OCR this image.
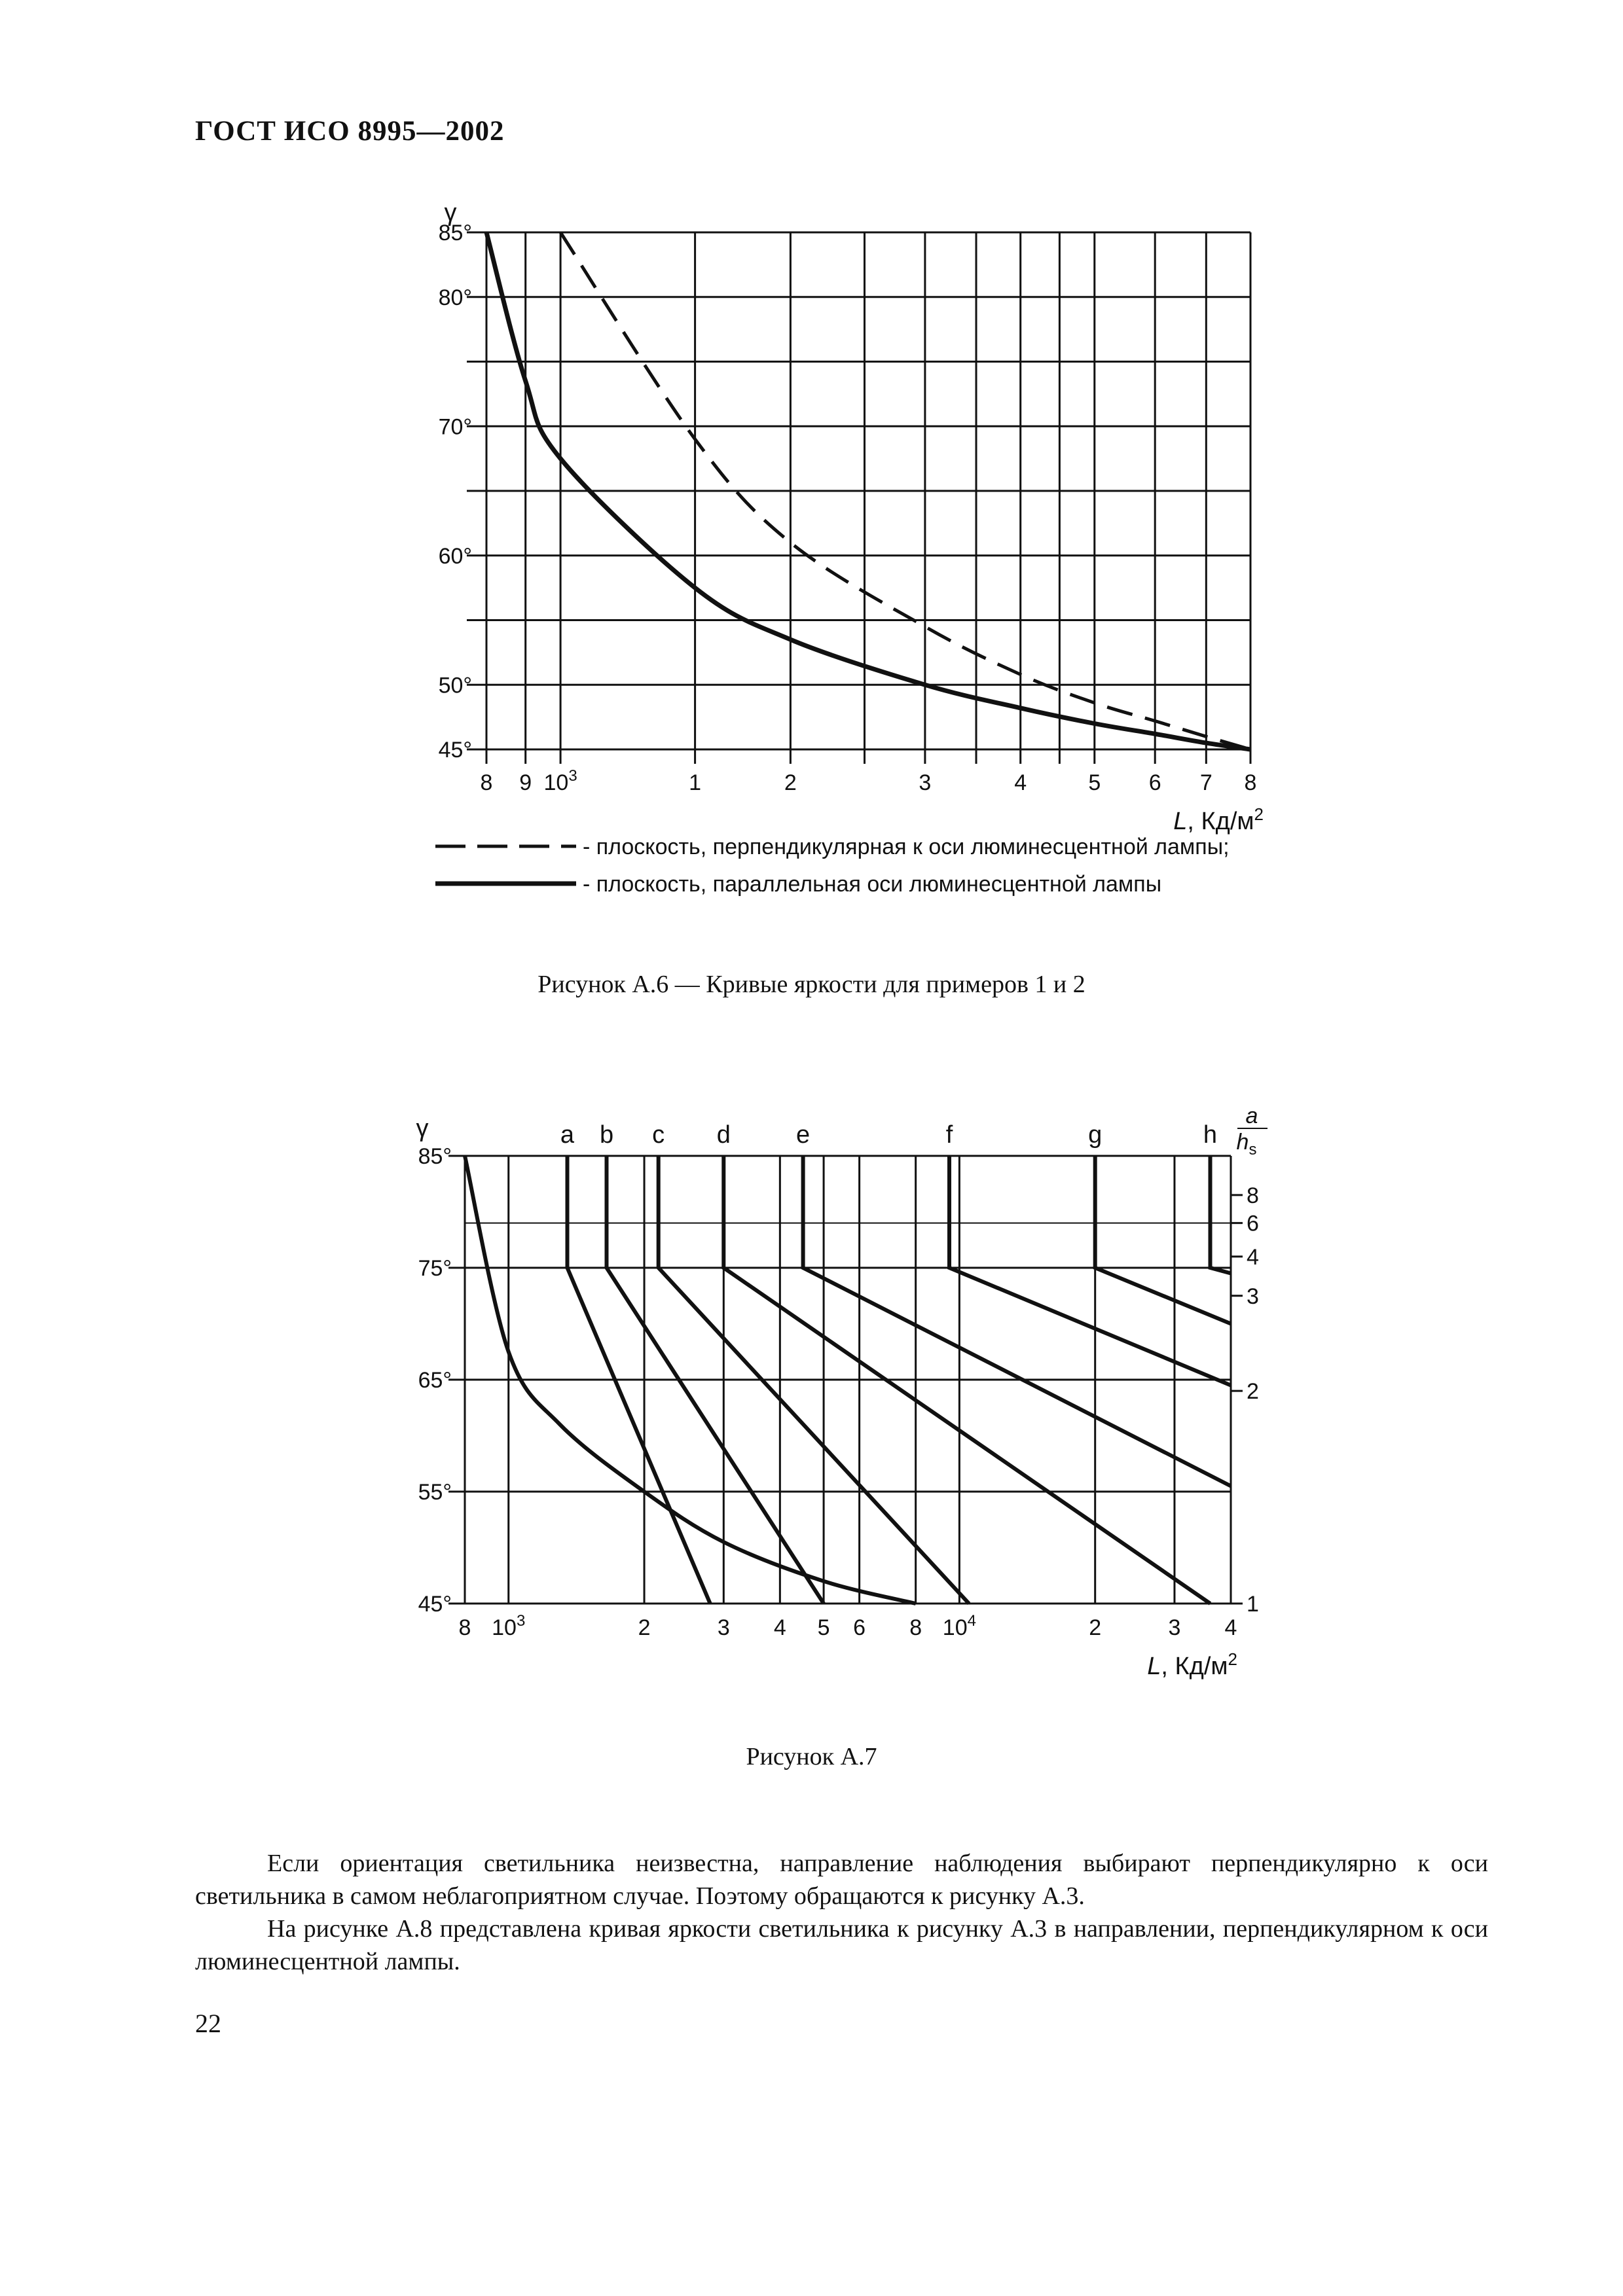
ГОСТ ИСО 8995—2002
85°
80°
70°
60°
50°
45°
γ
8 9 $10^3$	1	2	3	4	5 6 7 8
L, $Кд/м^2$
- плоскость, перпендикулярная к оси люминесцентной лампы;
- плоскость, параллельная оси люминесцентной лампы
Рисунок А.6 — Кривые яркости для примеров 1 и 2
85°
75°
65°
55°
45°
γ
8 $10^3$	2	3 4 5 6 8 $10^4$	2	3 4
L, $Кд/м^2$
8
6
4
3
2
1
a
$h_s$
a b c d	e	f	g	h
Рисунок А.7

Если ориентация светильника неизвестна, направление наблюдения выбирают перпендикулярно к оси светильника в самом неблагоприятном случае. Поэтому обращаются к рисунку А.3.

На рисунке А.8 представлена кривая яркости светильника к рисунку А.3 в направлении, перпендикулярном к оси люминесцентной лампы.

22
